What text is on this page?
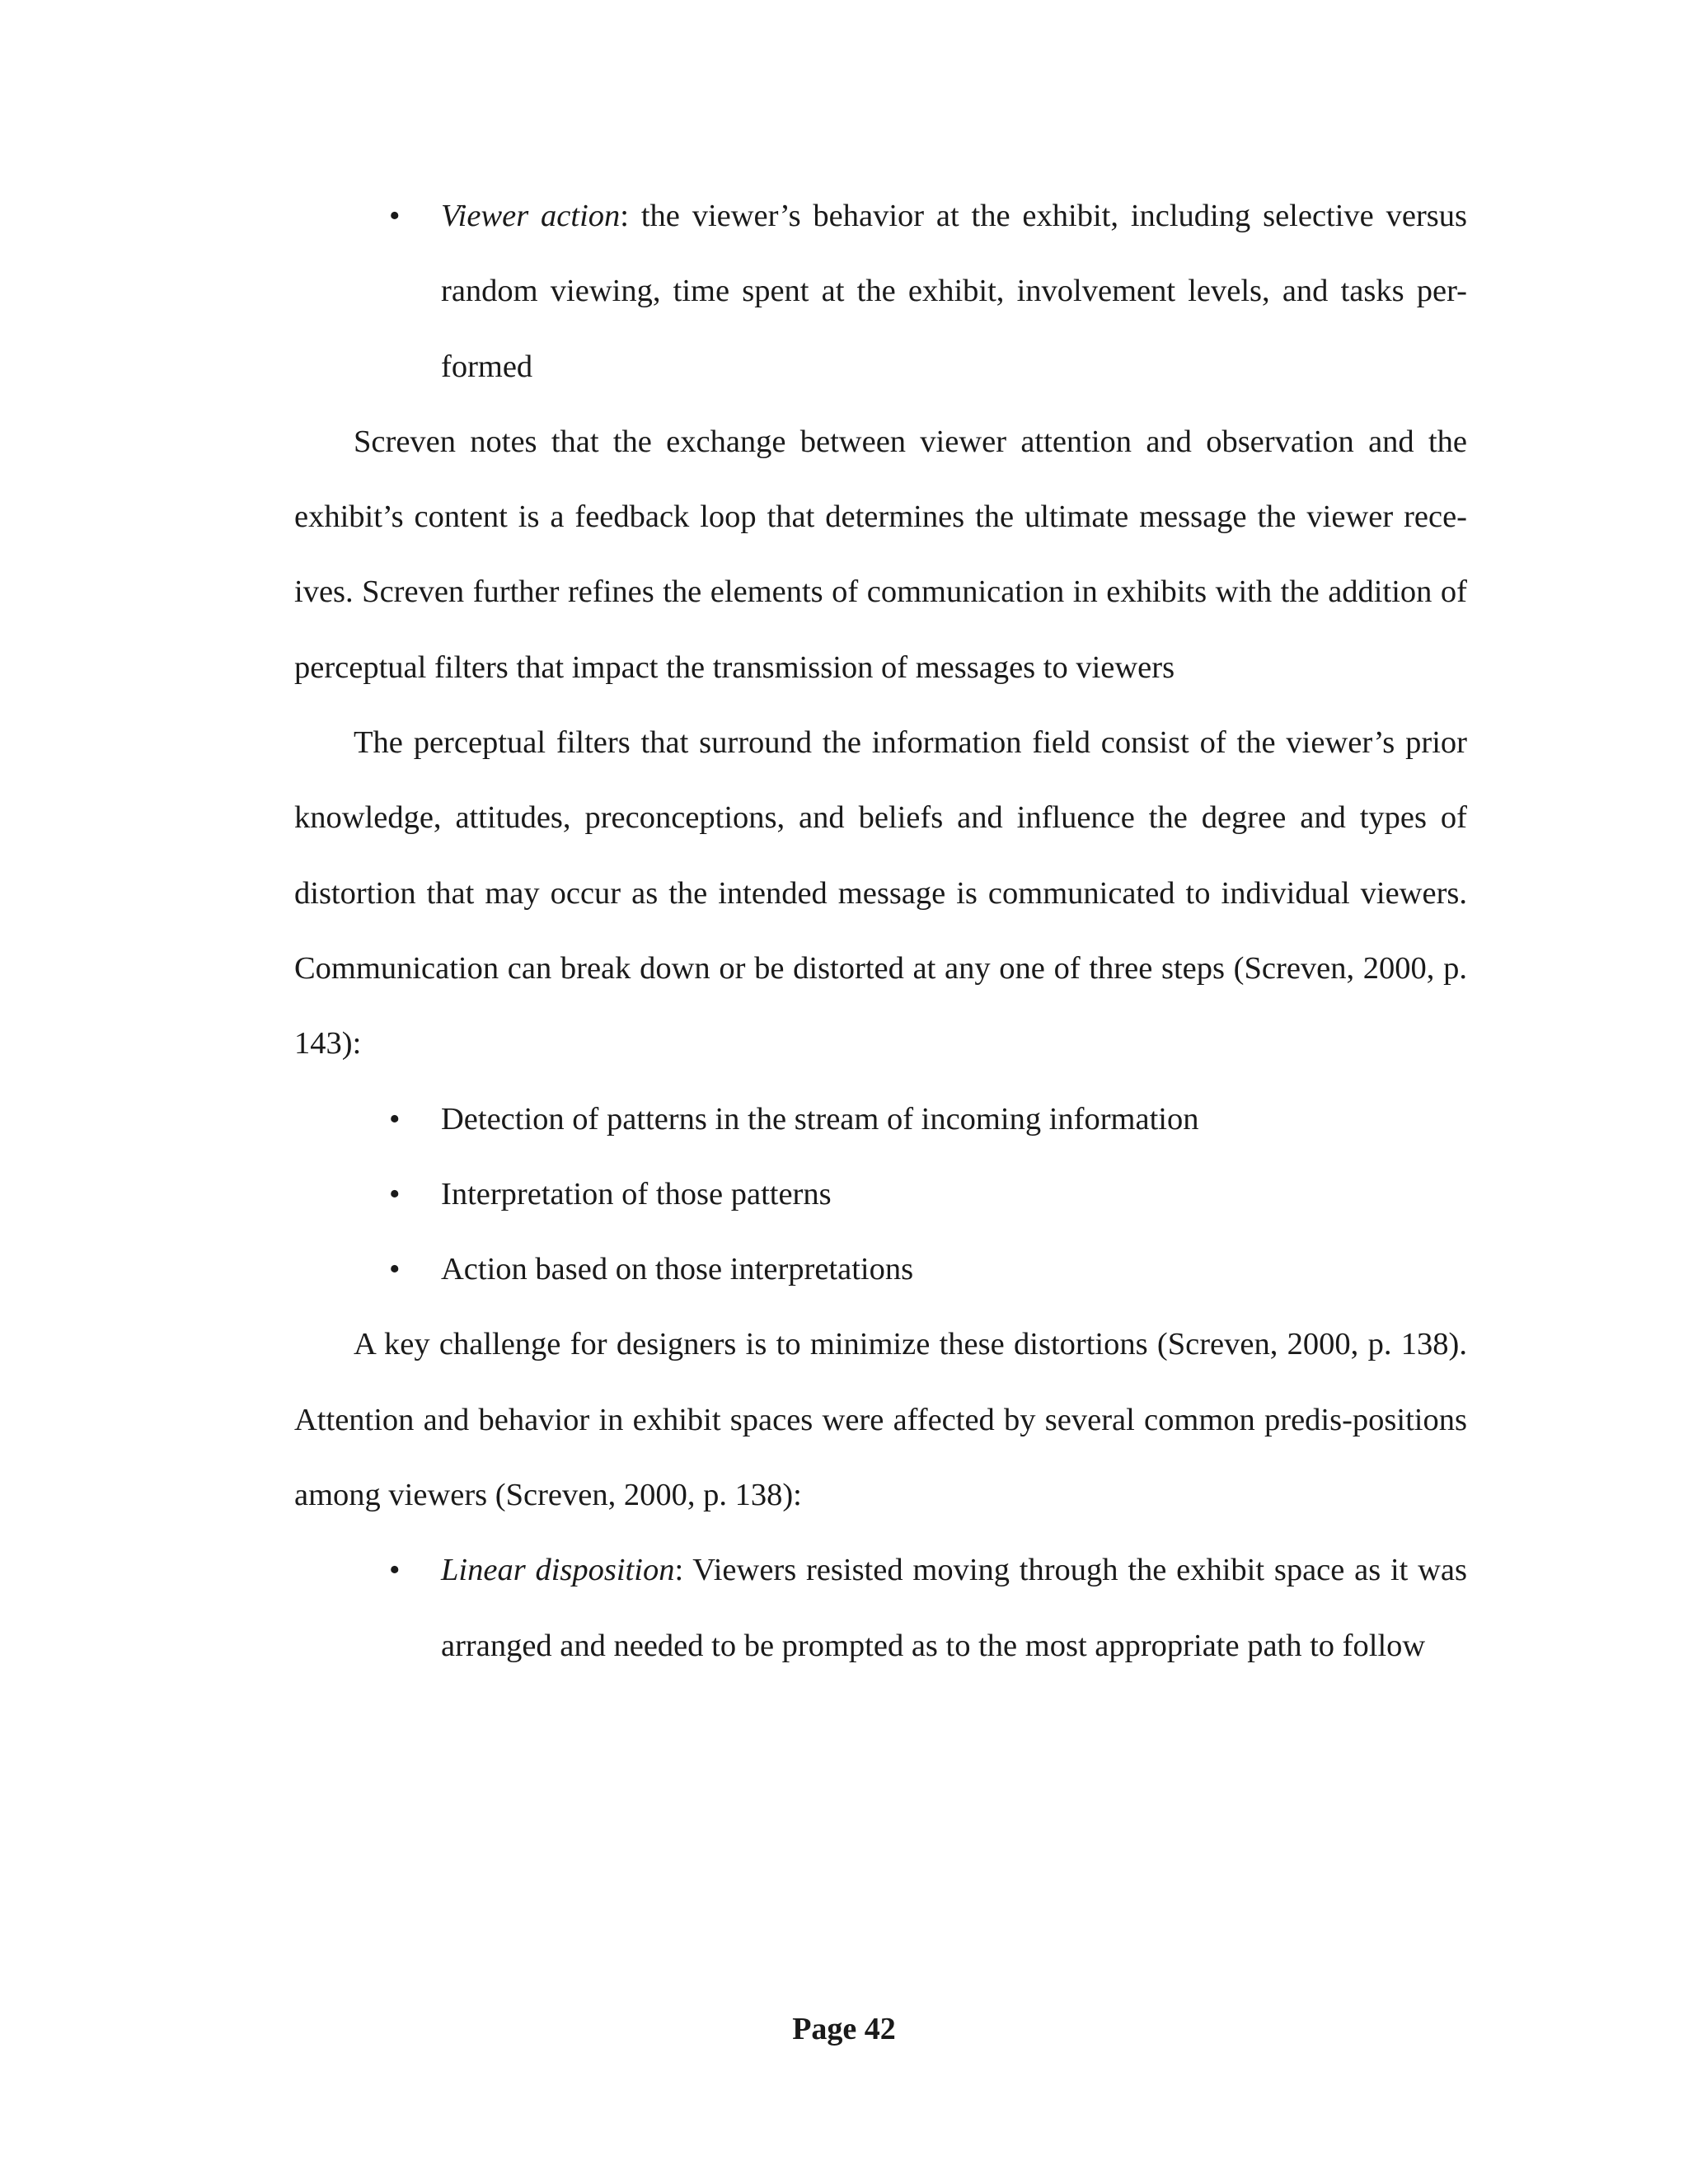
• Viewer action: the viewer’s behavior at the exhibit, including selective versus random viewing, time spent at the exhibit, involvement levels, and tasks per-formed
Screven notes that the exchange between viewer attention and observation and the exhibit’s content is a feedback loop that determines the ultimate message the viewer rece-ives. Screven further refines the elements of communication in exhibits with the addition of perceptual filters that impact the transmission of messages to viewers
The perceptual filters that surround the information field consist of the viewer’s prior knowledge, attitudes, preconceptions, and beliefs and influence the degree and types of distortion that may occur as the intended message is communicated to individual viewers. Communication can break down or be distorted at any one of three steps (Screven, 2000, p. 143):
• Detection of patterns in the stream of incoming information
• Interpretation of those patterns
• Action based on those interpretations
A key challenge for designers is to minimize these distortions (Screven, 2000, p. 138). Attention and behavior in exhibit spaces were affected by several common predis-positions among viewers (Screven, 2000, p. 138):
• Linear disposition: Viewers resisted moving through the exhibit space as it was arranged and needed to be prompted as to the most appropriate path to follow
Page 42
